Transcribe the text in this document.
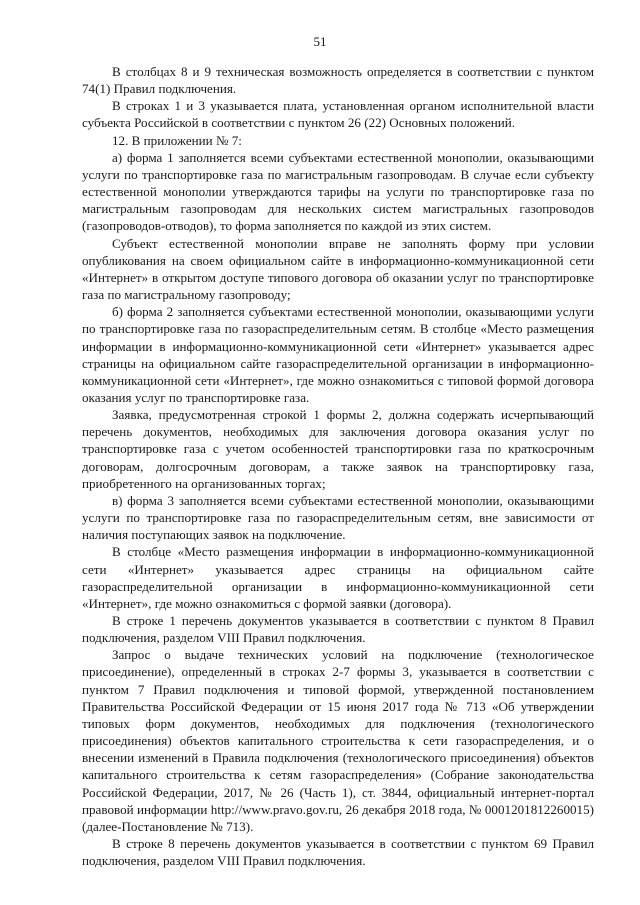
51

В столбцах 8 и 9 техническая возможность определяется в соответствии с пунктом 74(1) Правил подключения.

В строках 1 и 3 указывается плата, установленная органом исполнительной власти субъекта Российской в соответствии с пунктом 26 (22) Основных положений.

12. В приложении № 7:

а) форма 1 заполняется всеми субъектами естественной монополии, оказывающими услуги по транспортировке газа по магистральным газопроводам. В случае если субъекту естественной монополии утверждаются тарифы на услуги по транспортировке газа по магистральным газопроводам для нескольких систем магистральных газопроводов (газопроводов-отводов), то форма заполняется по каждой из этих систем.

Субъект естественной монополии вправе не заполнять форму при условии опубликования на своем официальном сайте в информационно-коммуникационной сети «Интернет» в открытом доступе типового договора об оказании услуг по транспортировке газа по магистральному газопроводу;

б) форма 2 заполняется субъектами естественной монополии, оказывающими услуги по транспортировке газа по газораспределительным сетям. В столбце «Место размещения информации в информационно-коммуникационной сети «Интернет» указывается адрес страницы на официальном сайте газораспределительной организации в информационно-коммуникационной сети «Интернет», где можно ознакомиться с типовой формой договора оказания услуг по транспортировке газа.

Заявка, предусмотренная строкой 1 формы 2, должна содержать исчерпывающий перечень документов, необходимых для заключения договора оказания услуг по транспортировке газа с учетом особенностей транспортировки газа по краткосрочным договорам, долгосрочным договорам, а также заявок на транспортировку газа, приобретенного на организованных торгах;

в) форма 3 заполняется всеми субъектами естественной монополии, оказывающими услуги по транспортировке газа по газораспределительным сетям, вне зависимости от наличия поступающих заявок на подключение.

В столбце «Место размещения информации в информационно-коммуникационной сети «Интернет» указывается адрес страницы на официальном сайте газораспределительной организации в информационно-коммуникационной сети «Интернет», где можно ознакомиться с формой заявки (договора).

В строке 1 перечень документов указывается в соответствии с пунктом 8 Правил подключения, разделом VIII Правил подключения.

Запрос о выдаче технических условий на подключение (технологическое присоединение), определенный в строках 2-7 формы 3, указывается в соответствии с пунктом 7 Правил подключения и типовой формой, утвержденной постановлением Правительства Российской Федерации от 15 июня 2017 года № 713 «Об утверждении типовых форм документов, необходимых для подключения (технологического присоединения) объектов капитального строительства к сети газораспределения, и о внесении изменений в Правила подключения (технологического присоединения) объектов капитального строительства к сетям газораспределения» (Собрание законодательства Российской Федерации, 2017, № 26 (Часть 1), ст. 3844, официальный интернет-портал правовой информации http://www.pravo.gov.ru, 26 декабря 2018 года, № 0001201812260015) (далее-Постановление № 713).

В строке 8 перечень документов указывается в соответствии с пунктом 69 Правил подключения, разделом VIII Правил подключения.
